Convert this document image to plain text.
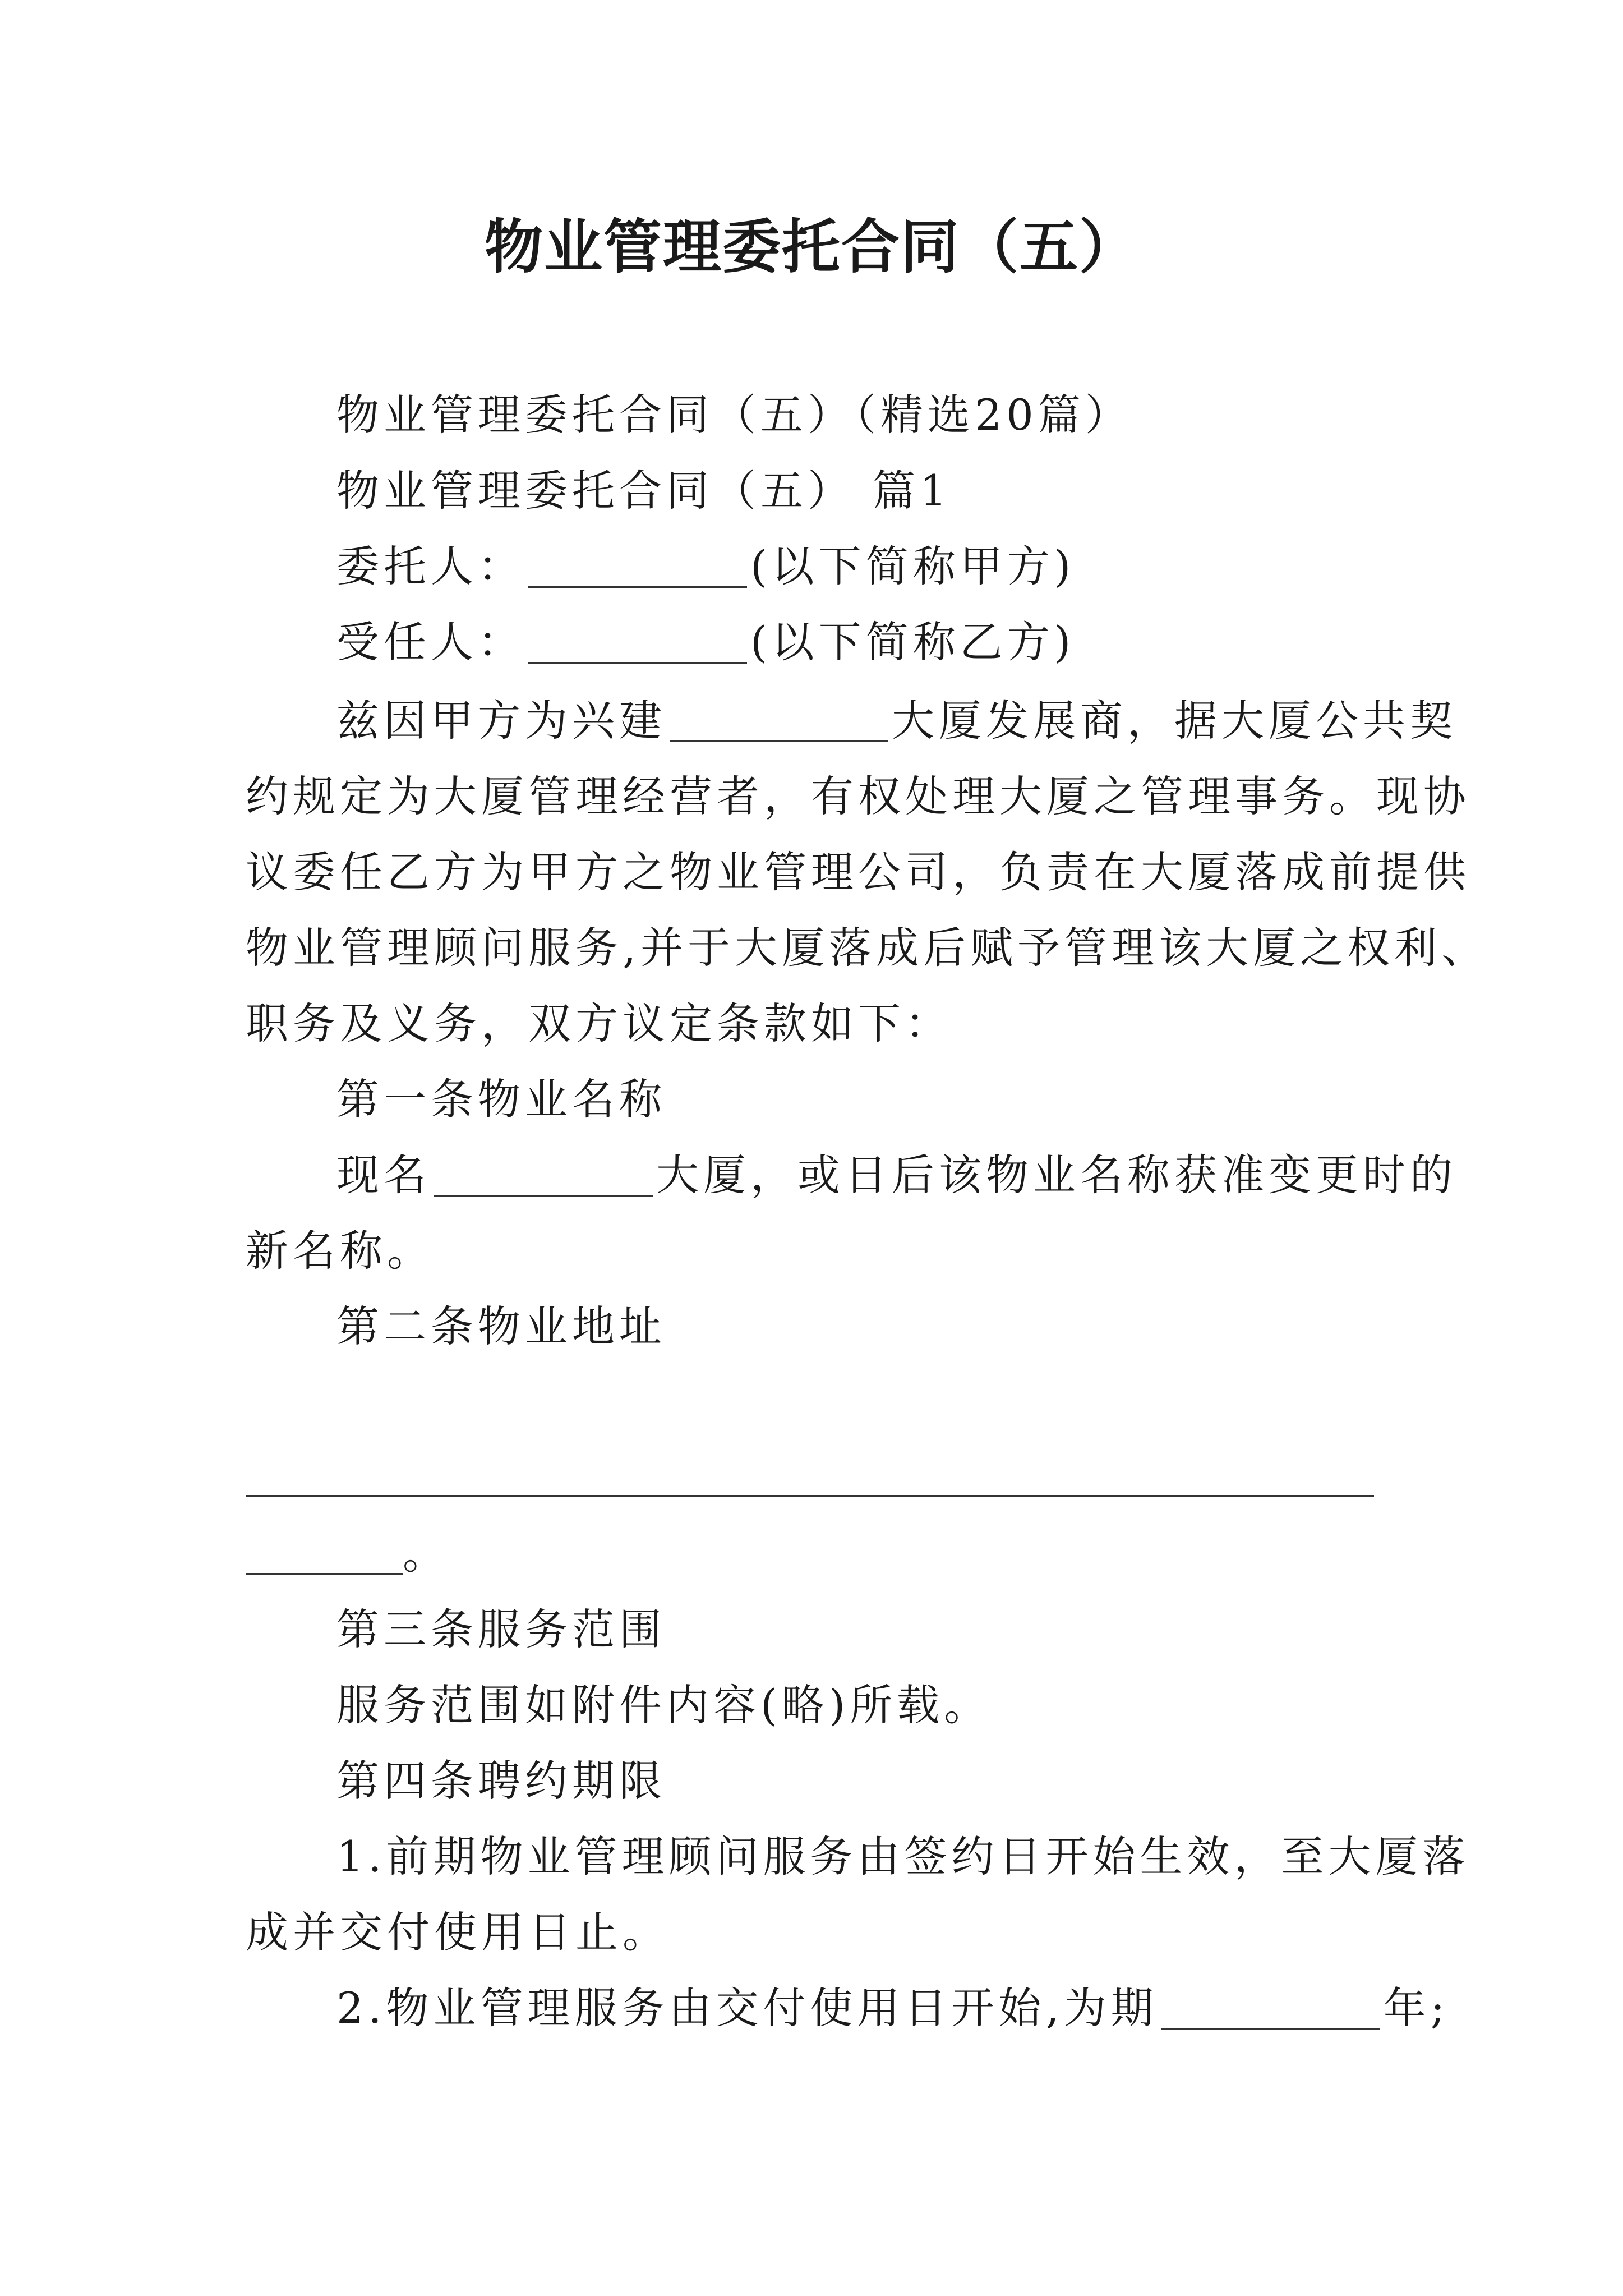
物业管理委托合同（五）
物业管理委托合同（五）（精选20篇）
物业管理委托合同（五） 篇1
委托人：	(以下简称甲方)
受任人：	(以下简称乙方)
兹因甲方为兴建	大厦发展商，据大厦公共契
约规定为大厦管理经营者，有权处理大厦之管理事务。现协
议委任乙方为甲方之物业管理公司，负责在大厦落成前提供
物业管理顾问服务,并于大厦落成后赋予管理该大厦之权利、
职务及义务，双方议定条款如下：
第一条物业名称
现名	大厦，或日后该物业名称获准变更时的
新名称。
第二条物业地址
。
第三条服务范围
服务范围如附件内容(略)所载。
第四条聘约期限
1.前期物业管理顾问服务由签约日开始生效，至大厦落
成并交付使用日止。
2.物业管理服务由交付使用日开始,为期	年;
